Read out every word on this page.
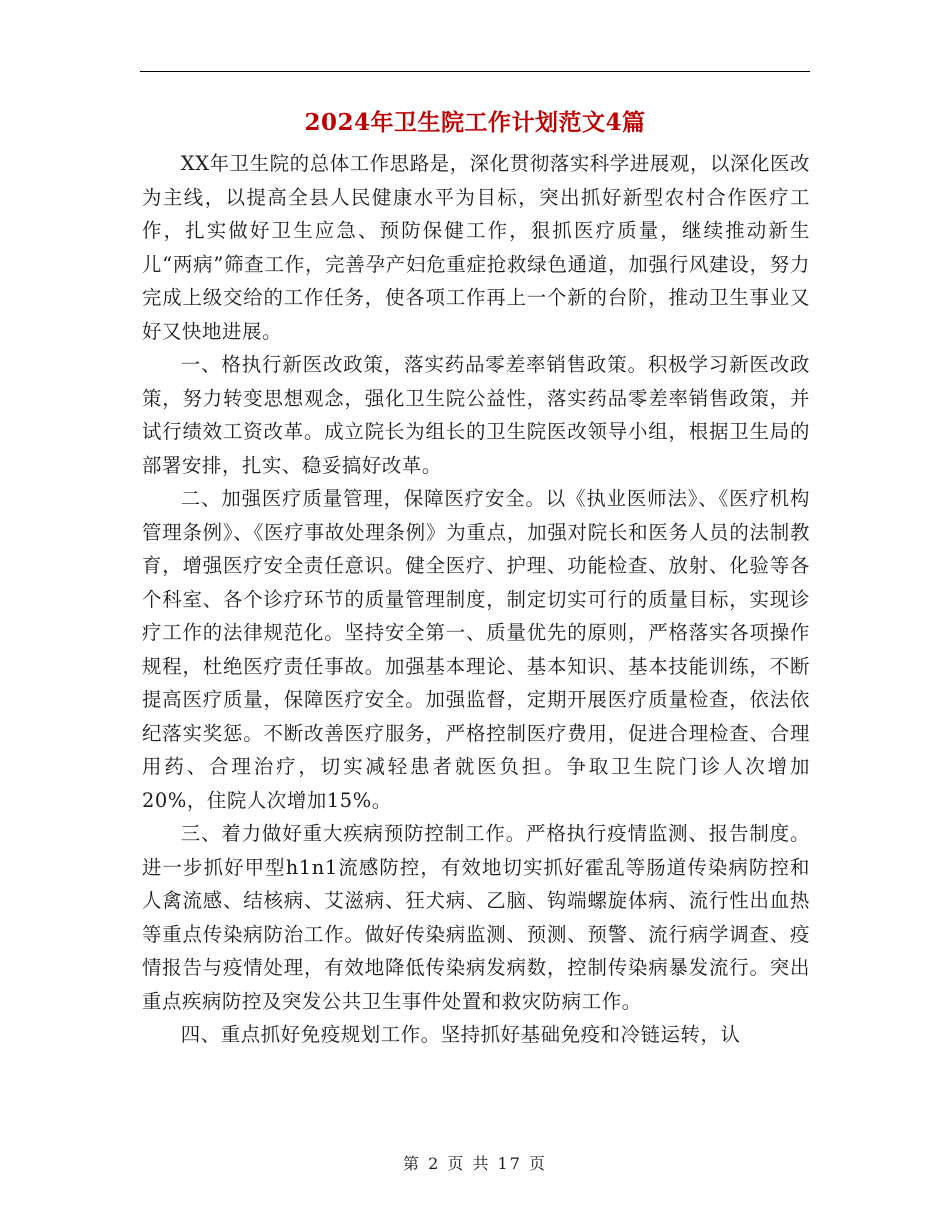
2024年卫生院工作计划范文4篇

XX年卫生院的总体工作思路是，深化贯彻落实科学进展观，以深化医改为主线，以提高全县人民健康水平为目标，突出抓好新型农村合作医疗工作，扎实做好卫生应急、预防保健工作，狠抓医疗质量，继续推动新生儿“两病”筛查工作，完善孕产妇危重症抢救绿色通道，加强行风建设，努力完成上级交给的工作任务，使各项工作再上一个新的台阶，推动卫生事业又好又快地进展。

一、格执行新医改政策，落实药品零差率销售政策。积极学习新医改政策，努力转变思想观念，强化卫生院公益性，落实药品零差率销售政策，并试行绩效工资改革。成立院长为组长的卫生院医改领导小组，根据卫生局的部署安排，扎实、稳妥搞好改革。

二、加强医疗质量管理，保障医疗安全。以《执业医师法》、《医疗机构管理条例》、《医疗事故处理条例》为重点，加强对院长和医务人员的法制教育，增强医疗安全责任意识。健全医疗、护理、功能检查、放射、化验等各个科室、各个诊疗环节的质量管理制度，制定切实可行的质量目标，实现诊疗工作的法律规范化。坚持安全第一、质量优先的原则，严格落实各项操作规程，杜绝医疗责任事故。加强基本理论、基本知识、基本技能训练，不断提高医疗质量，保障医疗安全。加强监督，定期开展医疗质量检查，依法依纪落实奖惩。不断改善医疗服务，严格控制医疗费用，促进合理检查、合理用药、合理治疗，切实减轻患者就医负担。争取卫生院门诊人次增加 20%，住院人次增加15%。

三、着力做好重大疾病预防控制工作。严格执行疫情监测、报告制度。进一步抓好甲型h1n1流感防控，有效地切实抓好霍乱等肠道传染病防控和人禽流感、结核病、艾滋病、狂犬病、乙脑、钩端螺旋体病、流行性出血热等重点传染病防治工作。做好传染病监测、预测、预警、流行病学调查、疫情报告与疫情处理，有效地降低传染病发病数，控制传染病暴发流行。突出重点疾病防控及突发公共卫生事件处置和救灾防病工作。

四、重点抓好免疫规划工作。坚持抓好基础免疫和冷链运转，认

第 2 页 共 17 页
